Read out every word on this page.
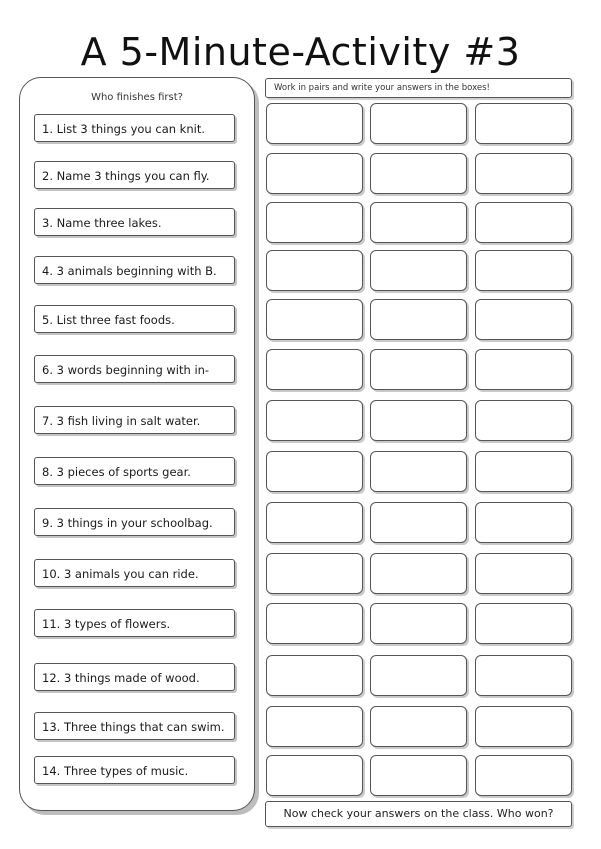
A 5-Minute-Activity #3
Who finishes first?
1. List 3 things you can knit.
2. Name 3 things you can fly.
3. Name three lakes.
4. 3 animals beginning with B.
5. List three fast foods.
6. 3 words beginning with in-
7. 3 fish living in salt water.
8. 3 pieces of sports gear.
9. 3 things in your schoolbag.
10. 3 animals you can ride.
11. 3 types of flowers.
12. 3 things made of wood.
13. Three things that can swim.
14. Three types of music.
Work in pairs and write your answers in the boxes!
Now check your answers on the class. Who won?
